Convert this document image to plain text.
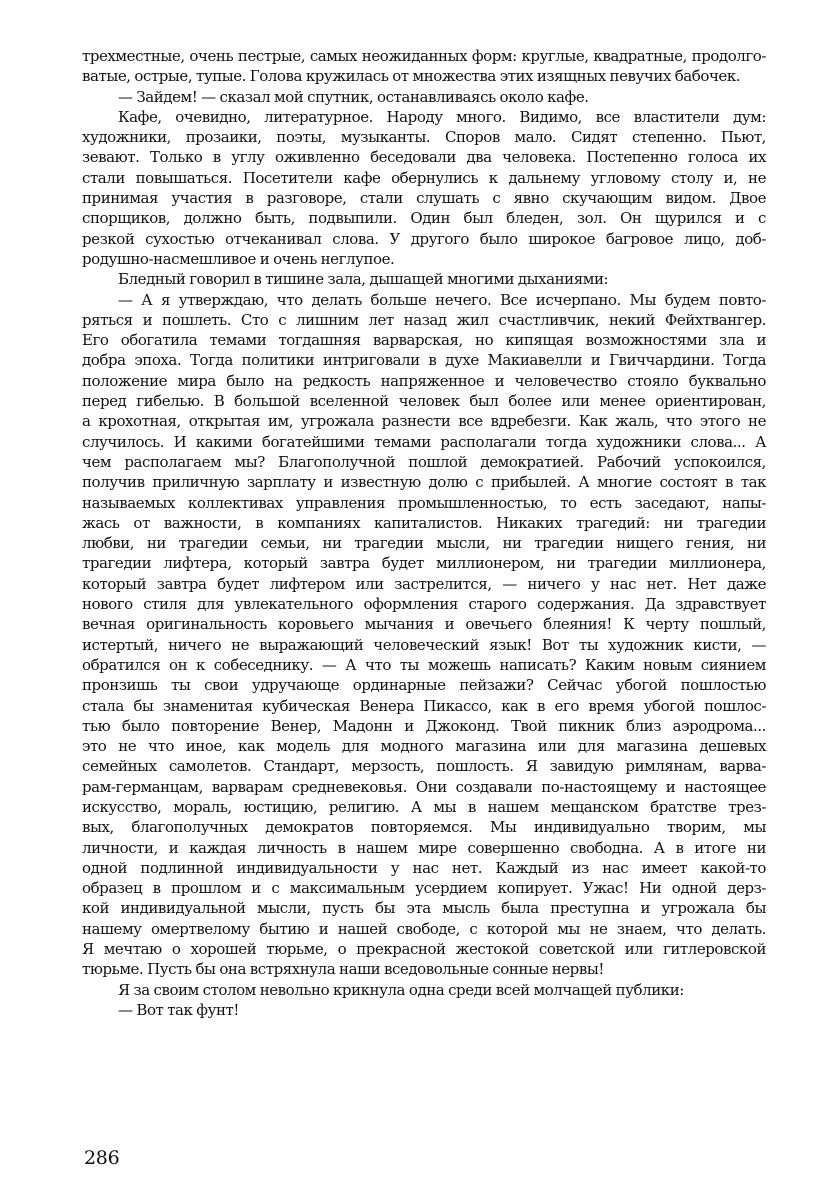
трехместные, очень пестрые, самых неожиданных форм: круглые, квадратные, продолго-
ватые, острые, тупые. Голова кружилась от множества этих изящных певучих бабочек.
— Зайдем! — сказал мой спутник, останавливаясь около кафе.
Кафе, очевидно, литературное. Народу много. Видимо, все властители дум:
художники, прозаики, поэты, музыканты. Споров мало. Сидят степенно. Пьют,
зевают. Только в углу оживленно беседовали два человека. Постепенно голоса их
стали повышаться. Посетители кафе обернулись к дальнему угловому столу и, не
принимая участия в разговоре, стали слушать с явно скучающим видом. Двое
спорщиков, должно быть, подвыпили. Один был бледен, зол. Он щурился и с
резкой сухостью отчеканивал слова. У другого было широкое багровое лицо, доб-
родушно-насмешливое и очень неглупое.
Бледный говорил в тишине зала, дышащей многими дыханиями:
— А я утверждаю, что делать больше нечего. Все исчерпано. Мы будем повто-
ряться и пошлеть. Сто с лишним лет назад жил счастливчик, некий Фейхтвангер.
Его обогатила темами тогдашняя варварская, но кипящая возможностями зла и
добра эпоха. Тогда политики интриговали в духе Макиавелли и Гвиччардини. Тогда
положение мира было на редкость напряженное и человечество стояло буквально
перед гибелью. В большой вселенной человек был более или менее ориентирован,
а крохотная, открытая им, угрожала разнести все вдребезги. Как жаль, что этого не
случилось. И какими богатейшими темами располагали тогда художники слова... А
чем располагаем мы? Благополучной пошлой демократией. Рабочий успокоился,
получив приличную зарплату и известную долю с прибылей. А многие состоят в так
называемых коллективах управления промышленностью, то есть заседают, напы-
жась от важности, в компаниях капиталистов. Никаких трагедий: ни трагедии
любви, ни трагедии семьи, ни трагедии мысли, ни трагедии нищего гения, ни
трагедии лифтера, который завтра будет миллионером, ни трагедии миллионера,
который завтра будет лифтером или застрелится, — ничего у нас нет. Нет даже
нового стиля для увлекательного оформления старого содержания. Да здравствует
вечная оригинальность коровьего мычания и овечьего блеяния! К черту пошлый,
истертый, ничего не выражающий человеческий язык! Вот ты художник кисти, —
обратился он к собеседнику. — А что ты можешь написать? Каким новым сиянием
пронзишь ты свои удручающе ординарные пейзажи? Сейчас убогой пошлостью
стала бы знаменитая кубическая Венера Пикассо, как в его время убогой пошлос-
тью было повторение Венер, Мадонн и Джоконд. Твой пикник близ аэродрома...
это не что иное, как модель для модного магазина или для магазина дешевых
семейных самолетов. Стандарт, мерзость, пошлость. Я завидую римлянам, варва-
рам-германцам, варварам средневековья. Они создавали по-настоящему и настоящее
искусство, мораль, юстицию, религию. А мы в нашем мещанском братстве трез-
вых, благополучных демократов повторяемся. Мы индивидуально творим, мы
личности, и каждая личность в нашем мире совершенно свободна. А в итоге ни
одной подлинной индивидуальности у нас нет. Каждый из нас имеет какой-то
образец в прошлом и с максимальным усердием копирует. Ужас! Ни одной дерз-
кой индивидуальной мысли, пусть бы эта мысль была преступна и угрожала бы
нашему омертвелому бытию и нашей свободе, с которой мы не знаем, что делать.
Я мечтаю о хорошей тюрьме, о прекрасной жестокой советской или гитлеровской
тюрьме. Пусть бы она встряхнула наши вседовольные сонные нервы!
Я за своим столом невольно крикнула одна среди всей молчащей публики:
— Вот так фунт!
286
